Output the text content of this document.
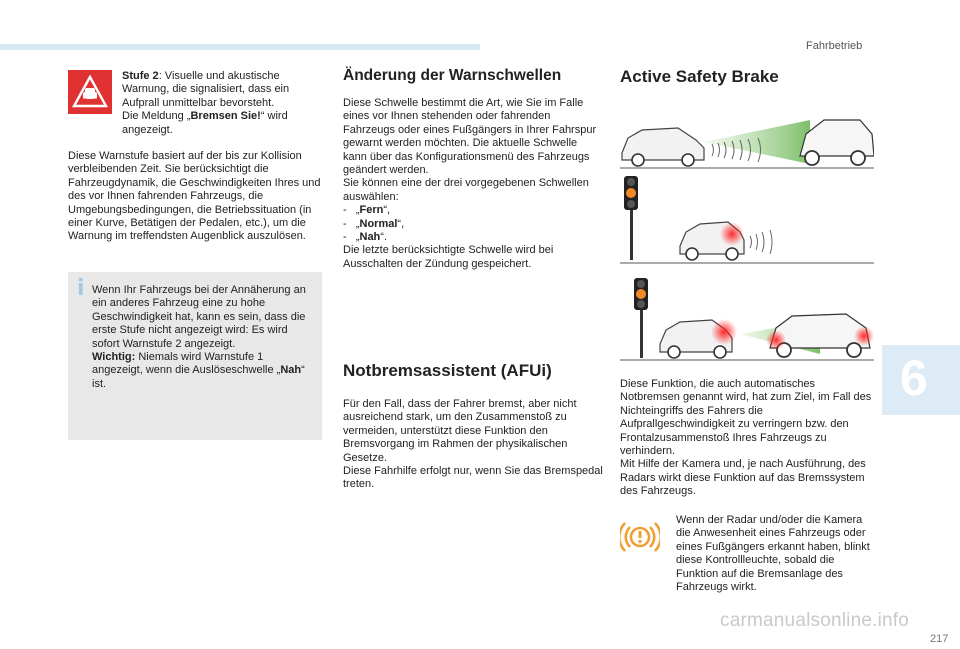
Fahrbetrieb
6
217
carmanualsonline.info
Stufe 2: Visuelle und akustische Warnung, die signalisiert, dass ein Aufprall unmittelbar bevorsteht.
Die Meldung „Bremsen Sie!“ wird angezeigt.
Diese Warnstufe basiert auf der bis zur Kollision verbleibenden Zeit. Sie berücksichtigt die Fahrzeugdynamik, die Geschwindigkeiten Ihres und des vor Ihnen fahrenden Fahrzeugs, die Umgebungsbedingungen, die Betriebssituation (in einer Kurve, Betätigen der Pedalen, etc.), um die Warnung im treffendsten Augenblick auszulösen.
i Wenn Ihr Fahrzeugs bei der Annäherung an ein anderes Fahrzeug eine zu hohe Geschwindigkeit hat, kann es sein, dass die erste Stufe nicht angezeigt wird: Es wird sofort Warnstufe 2 angezeigt.
Wichtig: Niemals wird Warnstufe 1 angezeigt, wenn die Auslöseschwelle „Nah“ ist.
Änderung der Warnschwellen
Diese Schwelle bestimmt die Art, wie Sie im Falle eines vor Ihnen stehenden oder fahrenden Fahrzeugs oder eines Fußgängers in Ihrer Fahrspur gewarnt werden möchten. Die aktuelle Schwelle kann über das Konfigurationsmenü des Fahrzeugs geändert werden.
Sie können eine der drei vorgegebenen Schwellen auswählen:
-   „Fern“,
-   „Normal“,
-   „Nah“.
Die letzte berücksichtigte Schwelle wird bei Ausschalten der Zündung gespeichert.
Notbremsassistent (AFUi)
Für den Fall, dass der Fahrer bremst, aber nicht ausreichend stark, um den Zusammenstoß zu vermeiden, unterstützt diese Funktion den Bremsvorgang im Rahmen der physikalischen Gesetze.
Diese Fahrhilfe erfolgt nur, wenn Sie das Bremspedal treten.
Active Safety Brake
Diese Funktion, die auch automatisches Notbremsen genannt wird, hat zum Ziel, im Fall des Nichteingriffs des Fahrers die Aufprallgeschwindigkeit zu verringern bzw. den Frontalzusammenstoß Ihres Fahrzeugs zu verhindern.
Mit Hilfe der Kamera und, je nach Ausführung, des Radars wirkt diese Funktion auf das Bremssystem des Fahrzeugs.
Wenn der Radar und/oder die Kamera die Anwesenheit eines Fahrzeugs oder eines Fußgängers erkannt haben, blinkt diese Kontrollleuchte, sobald die Funktion auf die Bremsanlage des Fahrzeugs wirkt.
